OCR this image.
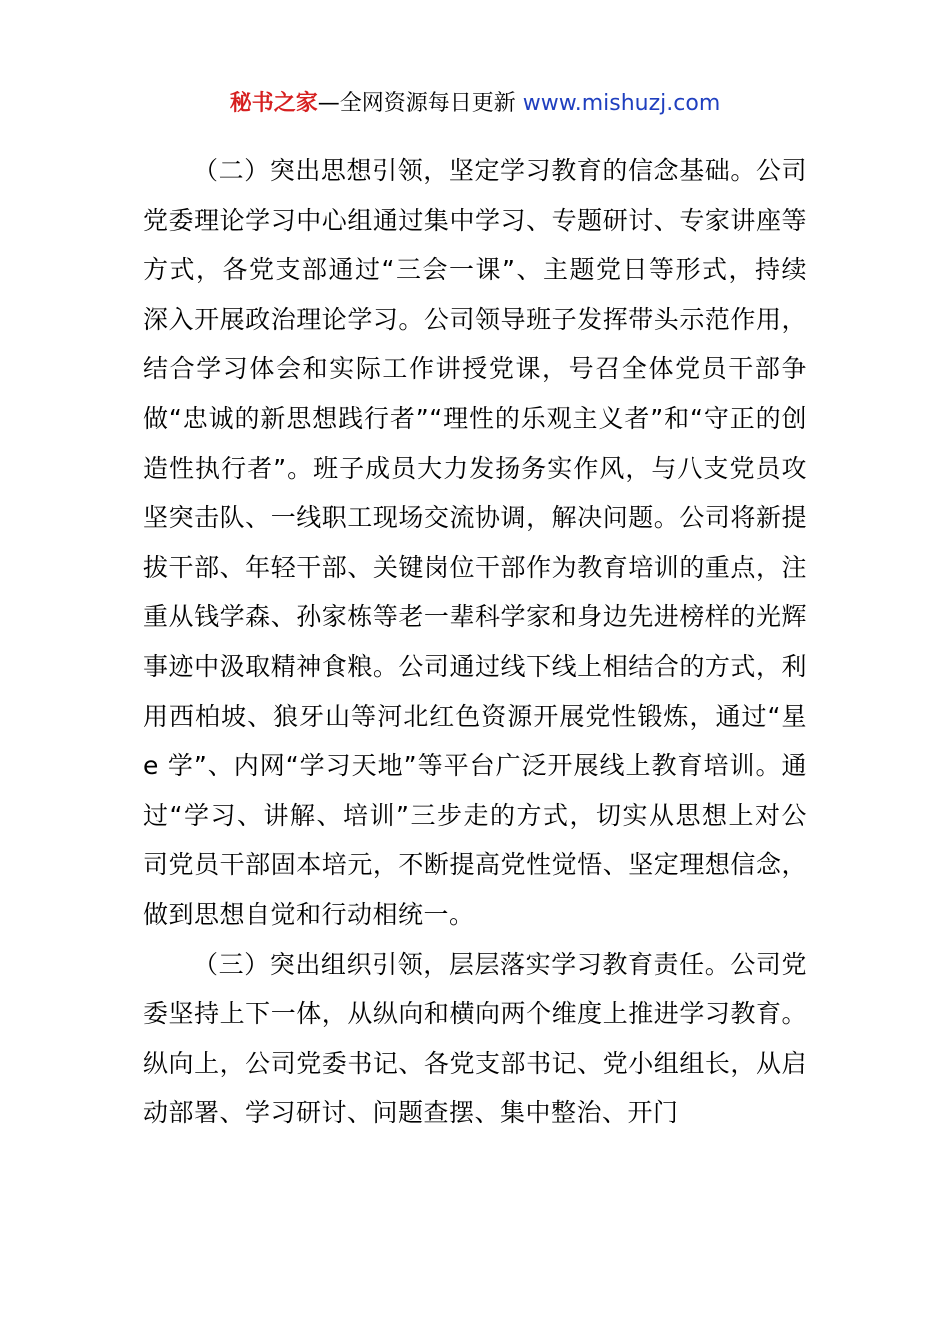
秘书之家—全网资源每日更新 www.mishuzj.com

（二）突出思想引领，坚定学习教育的信念基础。公司党委理论学习中心组通过集中学习、专题研讨、专家讲座等方式，各党支部通过“三会一课”、主题党日等形式，持续深入开展政治理论学习。公司领导班子发挥带头示范作用，结合学习体会和实际工作讲授党课，号召全体党员干部争做“忠诚的新思想践行者”“理性的乐观主义者”和“守正的创造性执行者”。班子成员大力发扬务实作风，与八支党员攻坚突击队、一线职工现场交流协调，解决问题。公司将新提拔干部、年轻干部、关键岗位干部作为教育培训的重点，注重从钱学森、孙家栋等老一辈科学家和身边先进榜样的光辉事迹中汲取精神食粮。公司通过线下线上相结合的方式，利用西柏坡、狼牙山等河北红色资源开展党性锻炼，通过“星 e 学”、内网“学习天地”等平台广泛开展线上教育培训。通过“学习、讲解、培训”三步走的方式，切实从思想上对公司党员干部固本培元，不断提高党性觉悟、坚定理想信念，做到思想自觉和行动相统一。

（三）突出组织引领，层层落实学习教育责任。公司党委坚持上下一体，从纵向和横向两个维度上推进学习教育。纵向上，公司党委书记、各党支部书记、党小组组长，从启动部署、学习研讨、问题查摆、集中整治、开门
